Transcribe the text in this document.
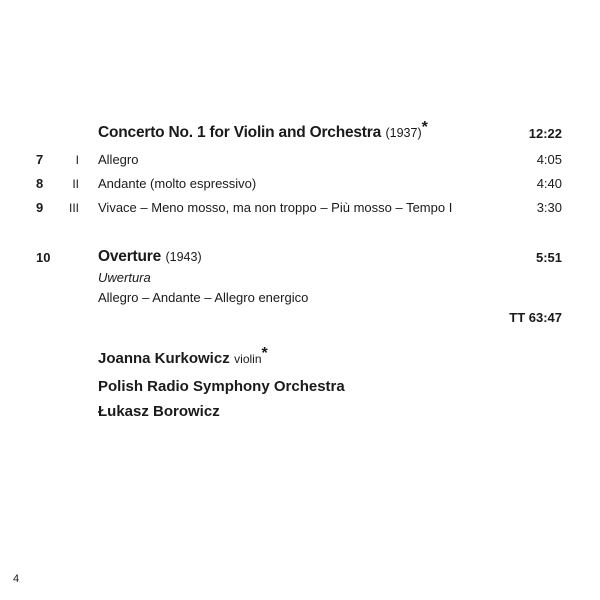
Concerto No. 1 for Violin and Orchestra (1937)*	12:22
7	I Allegro	4:05
8 II Andante (molto espressivo)	4:40
9 III Vivace – Meno mosso, ma non troppo – Più mosso – Tempo I	3:30
10	Overture (1943)	5:51
Uwertura
Allegro – Andante – Allegro energico
TT 63:47
Joanna Kurkowicz violin*
Polish Radio Symphony Orchestra
Łukasz Borowicz
4
